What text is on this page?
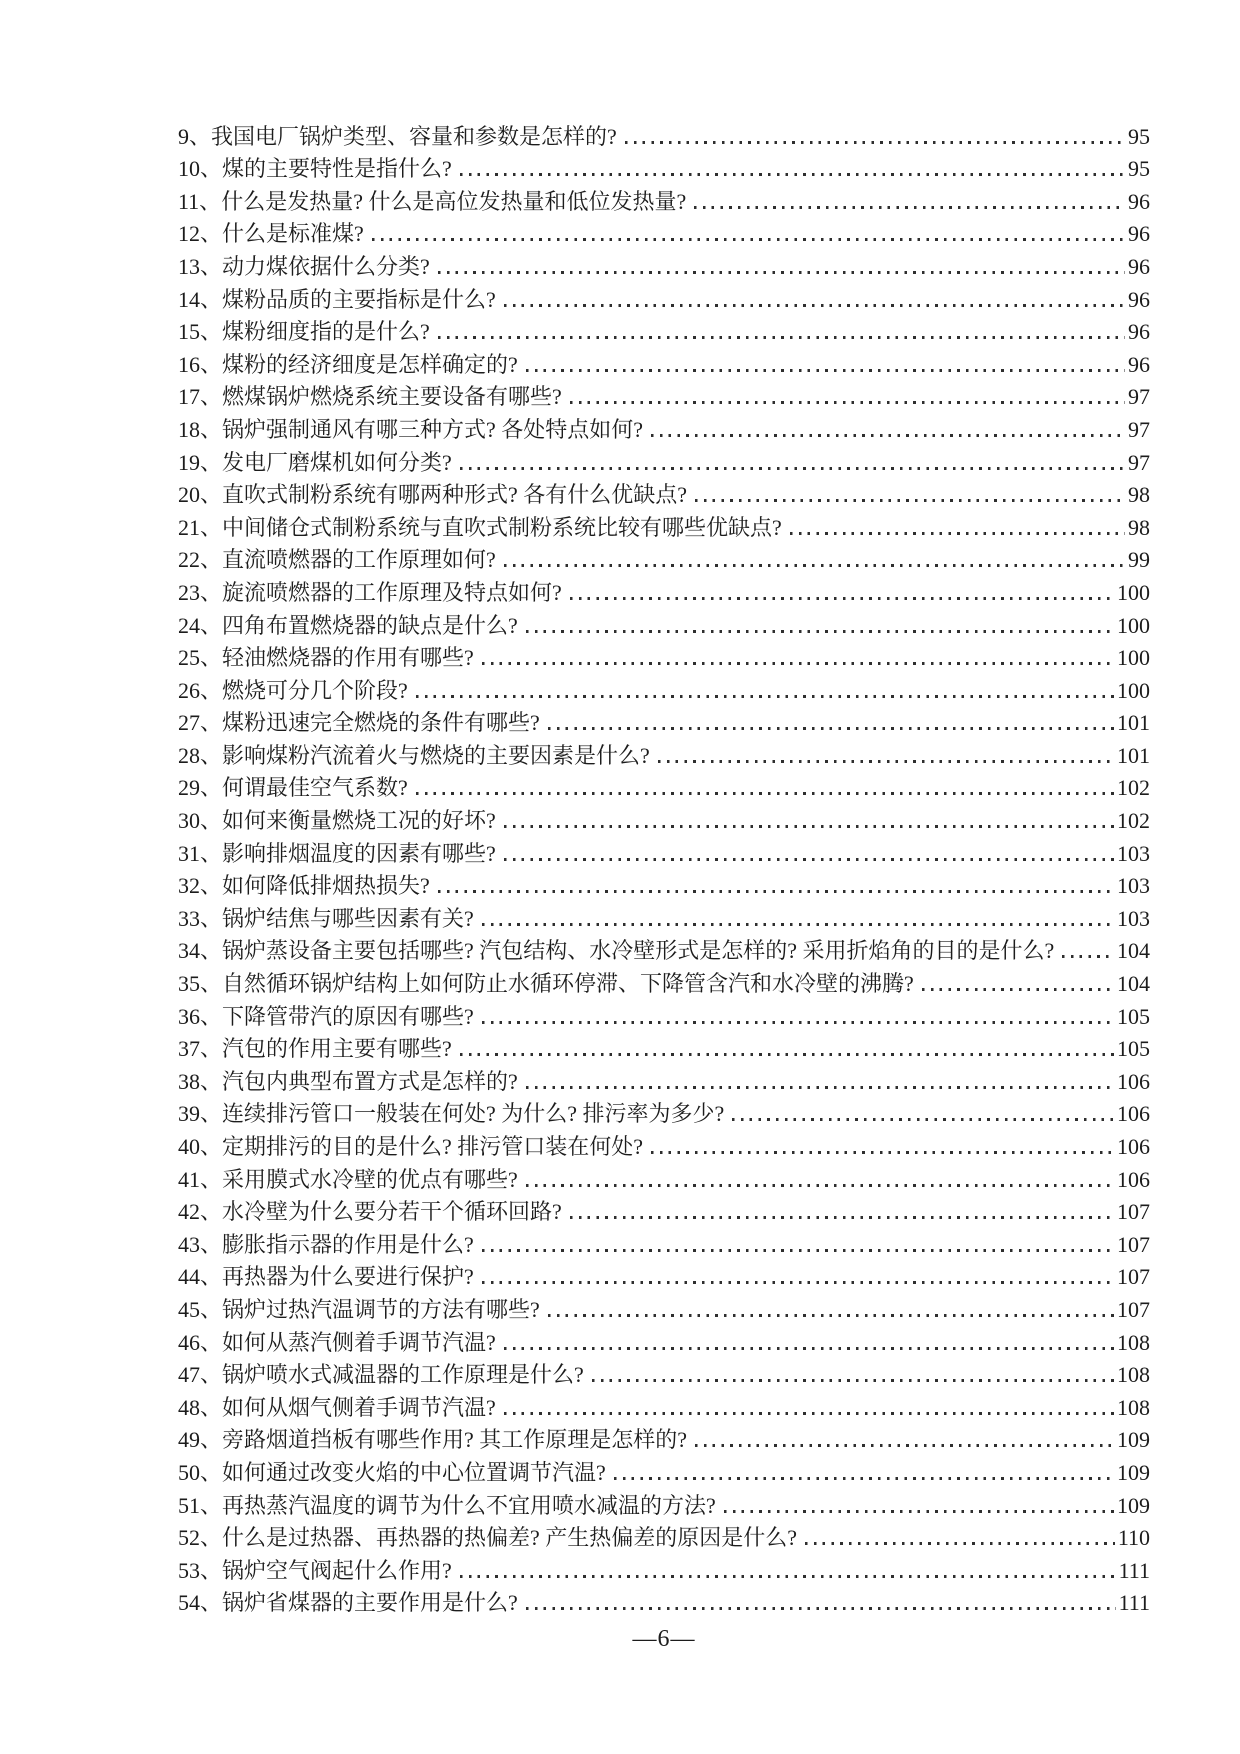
9、 我国电厂锅炉类型、容量和参数是怎样的?	95
10、 煤的主要特性是指什么?	95
11、 什么是发热量? 什么是高位发热量和低位发热量?	96
12、 什么是标准煤?	96
13、 动力煤依据什么分类?	96
14、 煤粉品质的主要指标是什么?	96
15、 煤粉细度指的是什么?	96
16、 煤粉的经济细度是怎样确定的?	96
17、 燃煤锅炉燃烧系统主要设备有哪些?	97
18、 锅炉强制通风有哪三种方式? 各处特点如何?	97
19、 发电厂磨煤机如何分类?	97
20、 直吹式制粉系统有哪两种形式? 各有什么优缺点?	98
21、 中间储仓式制粉系统与直吹式制粉系统比较有哪些优缺点?	98
22、 直流喷燃器的工作原理如何?	99
23、 旋流喷燃器的工作原理及特点如何?	100
24、 四角布置燃烧器的缺点是什么?	100
25、 轻油燃烧器的作用有哪些?	100
26、 燃烧可分几个阶段?	100
27、 煤粉迅速完全燃烧的条件有哪些?	101
28、 影响煤粉汽流着火与燃烧的主要因素是什么?	101
29、 何谓最佳空气系数?	102
30、 如何来衡量燃烧工况的好坏?	102
31、 影响排烟温度的因素有哪些?	103
32、 如何降低排烟热损失?	103
33、 锅炉结焦与哪些因素有关?	103
34、 锅炉蒸设备主要包括哪些? 汽包结构、水冷壁形式是怎样的? 采用折焰角的目的是什么?	104
35、 自然循环锅炉结构上如何防止水循环停滞、下降管含汽和水冷壁的沸腾?	104
36、 下降管带汽的原因有哪些?	105
37、 汽包的作用主要有哪些?	105
38、 汽包内典型布置方式是怎样的?	106
39、 连续排污管口一般装在何处? 为什么? 排污率为多少?	106
40、 定期排污的目的是什么? 排污管口装在何处?	106
41、 采用膜式水冷壁的优点有哪些?	106
42、 水冷壁为什么要分若干个循环回路?	107
43、 膨胀指示器的作用是什么?	107
44、 再热器为什么要进行保护?	107
45、 锅炉过热汽温调节的方法有哪些?	107
46、 如何从蒸汽侧着手调节汽温?	108
47、 锅炉喷水式减温器的工作原理是什么?	108
48、 如何从烟气侧着手调节汽温?	108
49、 旁路烟道挡板有哪些作用? 其工作原理是怎样的?	109
50、 如何通过改变火焰的中心位置调节汽温?	109
51、 再热蒸汽温度的调节为什么不宜用喷水减温的方法?	109
52、 什么是过热器、再热器的热偏差? 产生热偏差的原因是什么?	110
53、 锅炉空气阀起什么作用?	111
54、 锅炉省煤器的主要作用是什么?	111
—6—
